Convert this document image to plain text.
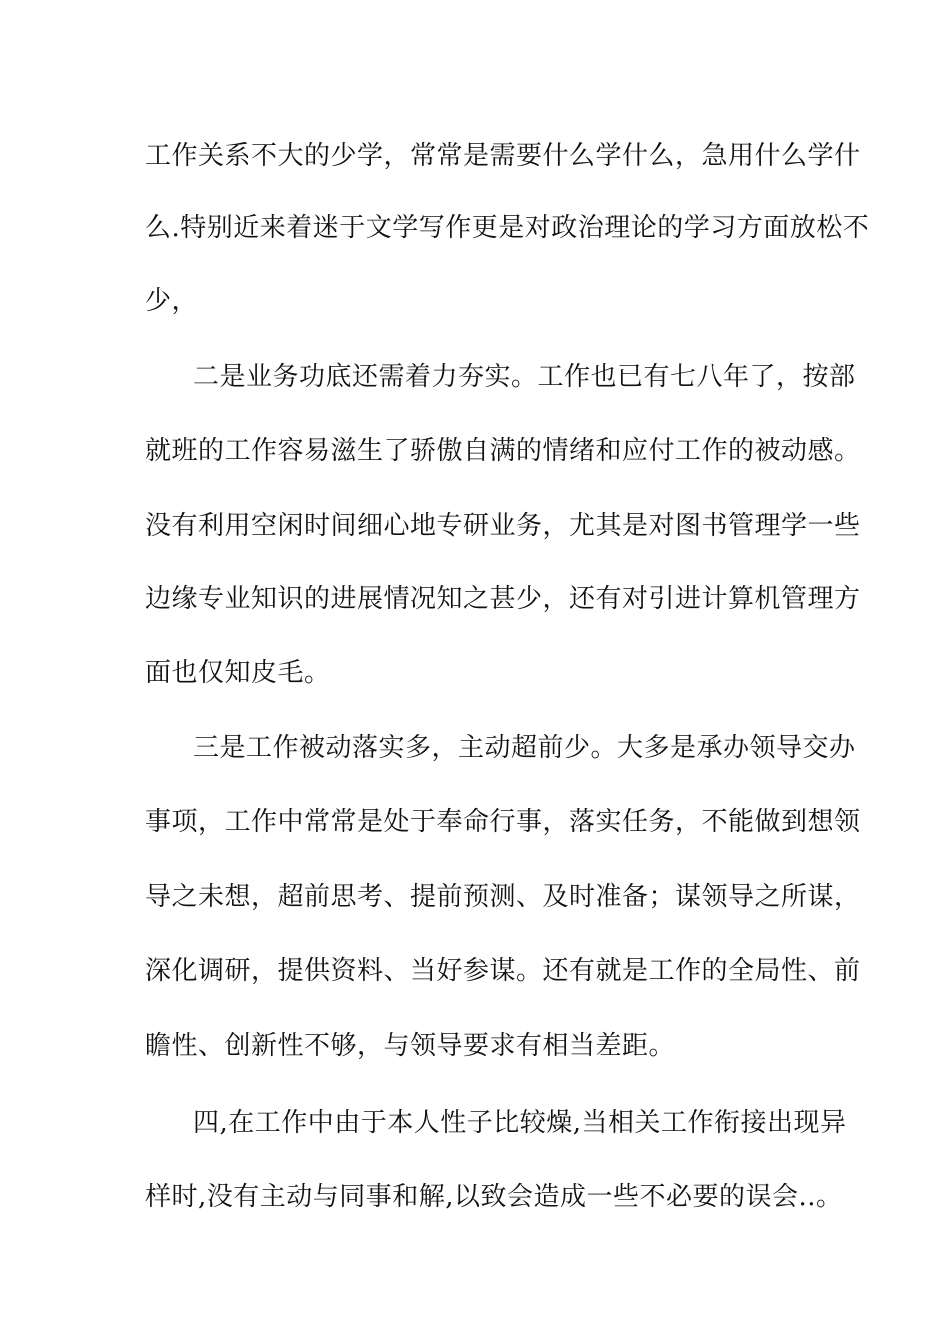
工作关系不大的少学，常常是需要什么学什么，急用什么学什
么.特别近来着迷于文学写作更是对政治理论的学习方面放松不
少，
二是业务功底还需着力夯实。工作也已有七八年了，按部
就班的工作容易滋生了骄傲自满的情绪和应付工作的被动感。
没有利用空闲时间细心地专研业务，尤其是对图书管理学一些
边缘专业知识的进展情况知之甚少，还有对引进计算机管理方
面也仅知皮毛。
三是工作被动落实多，主动超前少。大多是承办领导交办
事项，工作中常常是处于奉命行事，落实任务，不能做到想领
导之未想，超前思考、提前预测、及时准备；谋领导之所谋，
深化调研，提供资料、当好参谋。还有就是工作的全局性、前
瞻性、创新性不够，与领导要求有相当差距。
四,在工作中由于本人性子比较燥,当相关工作衔接出现异
样时,没有主动与同事和解,以致会造成一些不必要的误会..。
